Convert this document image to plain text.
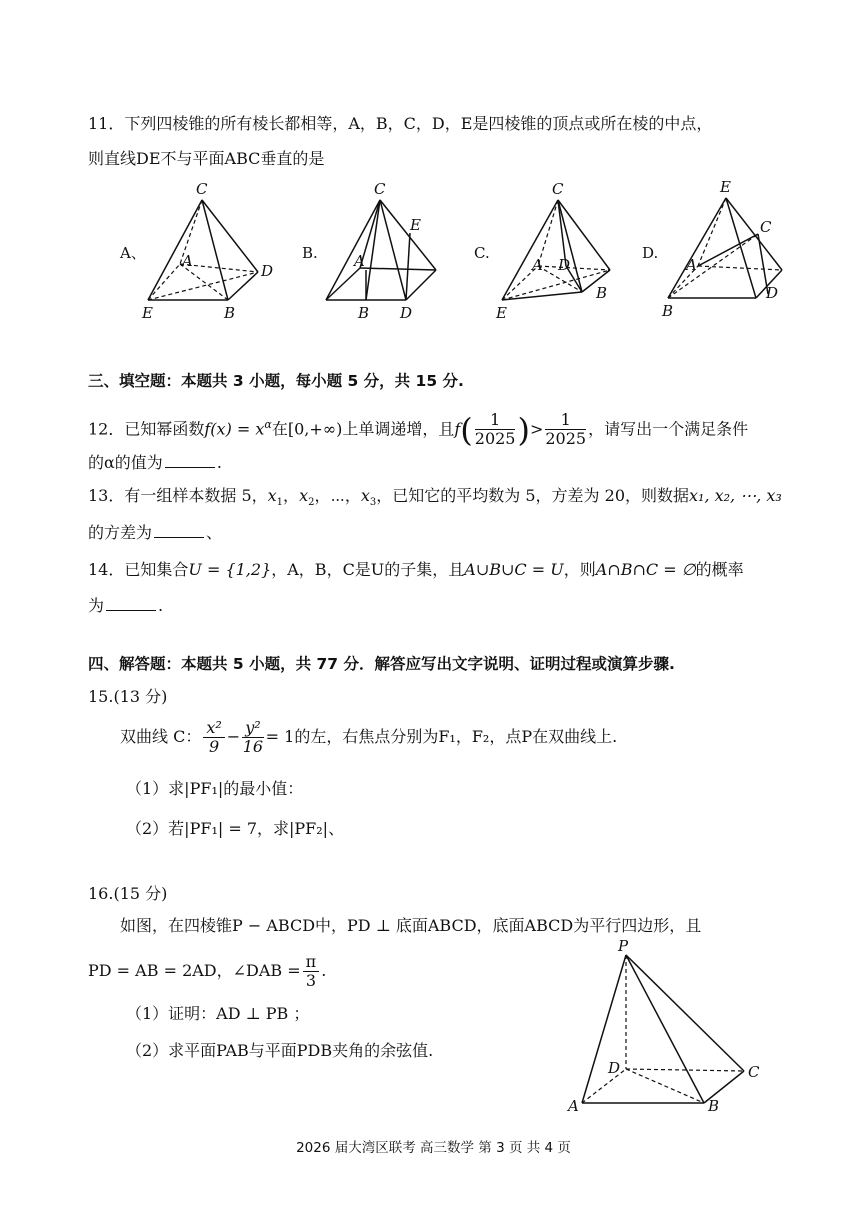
11．下列四棱锥的所有棱长都相等，A，B，C，D，E是四棱锥的顶点或所在棱的中点，
则直线DE不与平面ABC垂直的是
A、
C
A
D
E	B
B.
C
E
A
B D
C.
C
A D
B
E
D.
E
C
A
D
B
三、填空题：本题共 3 小题，每小题 5 分，共 15 分.
12．已知幂函数$f(x) = x^\alpha$在[0,+∞)上单调递增，且$f( \frac{1}{2025}$ )> $\frac{1}{2025}$ ，请写出一个满足条件
的α的值为	.
13．有一组样本数据 5，$x_1$，$x_2$，⋯，$x_3$，已知它的平均数为 5，方差为 20，则数据x₁, x₂, ⋯, x₃
的方差为	、
14．已知集合U = {1,2}，A，B，C是U的子集，且A∪B∪C = U，则A∩B∩C = ∅的概率
为	.
四、解答题：本题共 5 小题，共 77 分．解答应写出文字说明、证明过程或演算步骤.
15.(13 分)
双曲线 C： $\frac{\text{x²}}{9} - \frac{\text{y²}}{16} = 1$的左，右焦点分别为F₁，F₂，点P在双曲线上.
（1）求|PF₁|的最小值：
（2）若|PF₁| = 7，求|PF₂|、
16.(15 分)
如图，在四棱锥P − ABCD中，PD ⊥ 底面ABCD，底面ABCD为平行四边形，且
PD = AB = 2AD，∠DAB = $\frac{\pi}{3}$ .
（1）证明：AD ⊥ PB ；
（2）求平面PAB与平面PDB夹角的余弦值.
P
D	C
A	B
2026 届大湾区联考 高三数学 第 3 页 共 4 页
